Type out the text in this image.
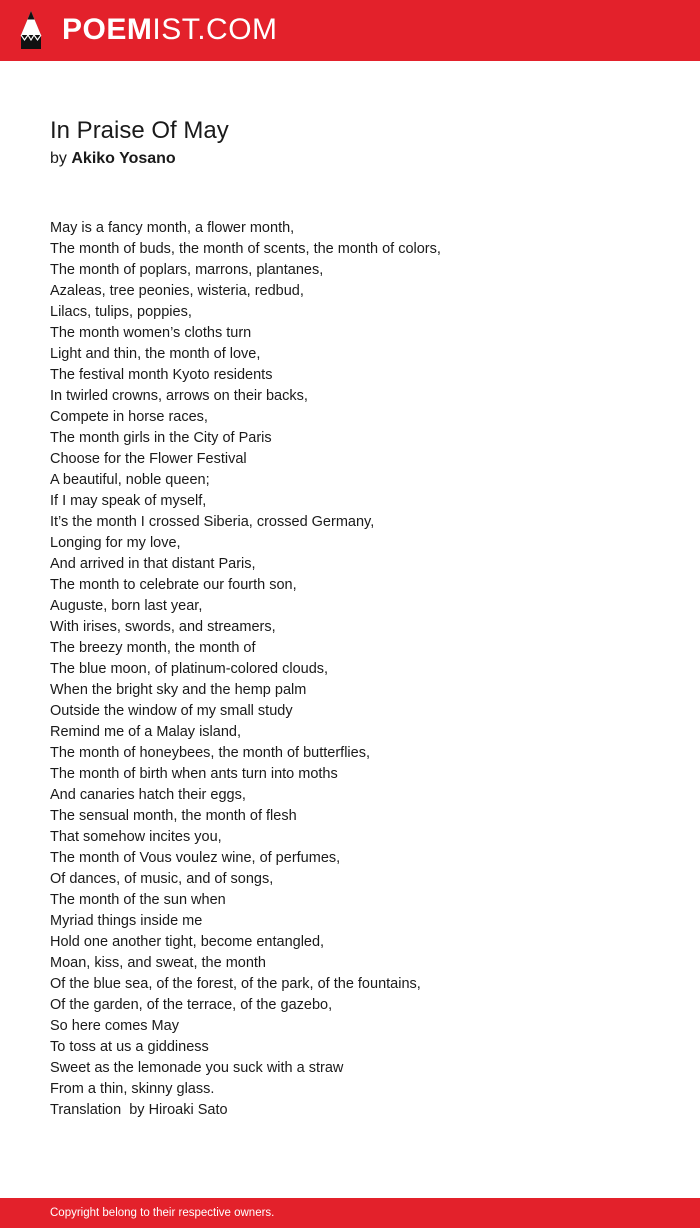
POEMIST.COM
In Praise Of May
by Akiko Yosano
May is a fancy month, a flower month,
The month of buds, the month of scents, the month of colors,
The month of poplars, marrons, plantanes,
Azaleas, tree peonies, wisteria, redbud,
Lilacs, tulips, poppies,
The month women’s cloths turn
Light and thin, the month of love,
The festival month Kyoto residents
In twirled crowns, arrows on their backs,
Compete in horse races,
The month girls in the City of Paris
Choose for the Flower Festival
A beautiful, noble queen;
If I may speak of myself,
It’s the month I crossed Siberia, crossed Germany,
Longing for my love,
And arrived in that distant Paris,
The month to celebrate our fourth son,
Auguste, born last year,
With irises, swords, and streamers,
The breezy month, the month of
The blue moon, of platinum-colored clouds,
When the bright sky and the hemp palm
Outside the window of my small study
Remind me of a Malay island,
The month of honeybees, the month of butterflies,
The month of birth when ants turn into moths
And canaries hatch their eggs,
The sensual month, the month of flesh
That somehow incites you,
The month of Vous voulez wine, of perfumes,
Of dances, of music, and of songs,
The month of the sun when
Myriad things inside me
Hold one another tight, become entangled,
Moan, kiss, and sweat, the month
Of the blue sea, of the forest, of the park, of the fountains,
Of the garden, of the terrace, of the gazebo,
So here comes May
To toss at us a giddiness
Sweet as the lemonade you suck with a straw
From a thin, skinny glass.
Translation  by Hiroaki Sato
Copyright belong to their respective owners.
